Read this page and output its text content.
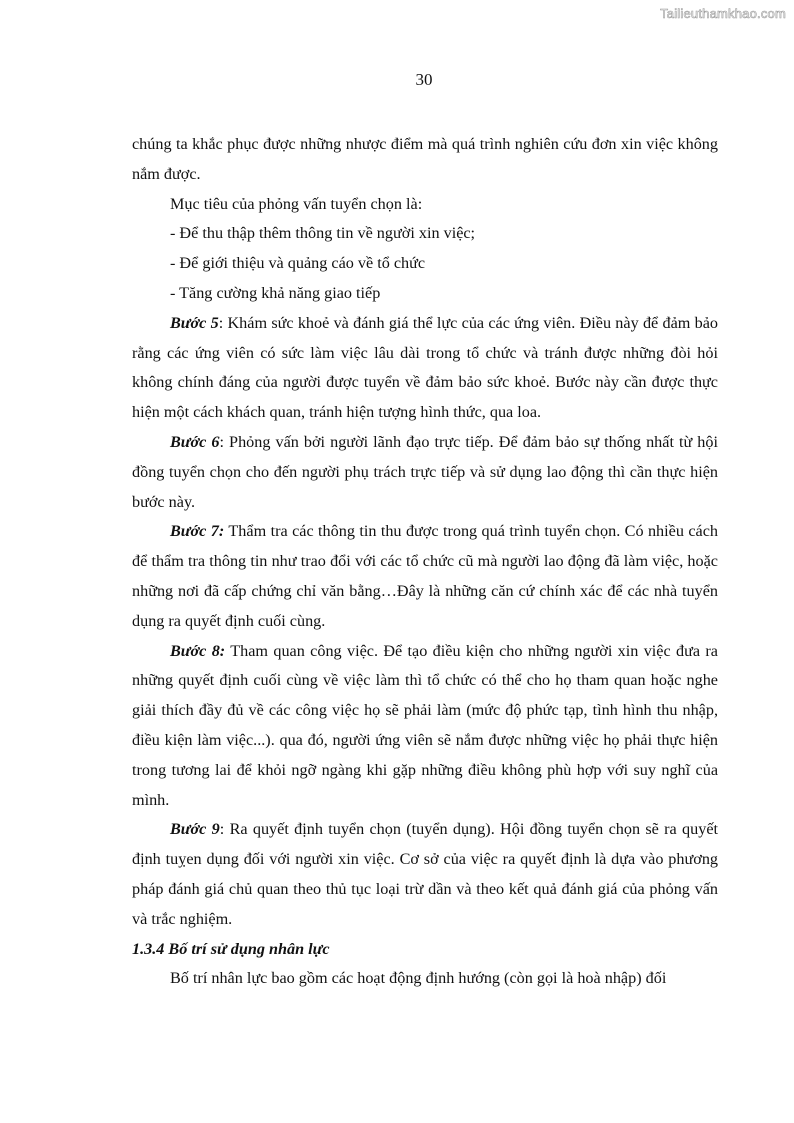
Tailieuthamkhao.com
30

chúng ta khắc phục được những nhược điểm mà quá trình nghiên cứu đơn xin việc không nắm được.

Mục tiêu của phỏng vấn tuyển chọn là:

- Để thu thập thêm thông tin về người xin việc;

- Để giới thiệu và quảng cáo về tổ chức

- Tăng cường khả năng giao tiếp

Bước 5: Khám sức khoẻ và đánh giá thể lực của các ứng viên. Điều này để đảm bảo rằng các ứng viên có sức làm việc lâu dài trong tổ chức và tránh được những đòi hỏi không chính đáng của người được tuyển về đảm bảo sức khoẻ. Bước này cần được thực hiện một cách khách quan, tránh hiện tượng hình thức, qua loa.

Bước 6: Phỏng vấn bởi người lãnh đạo trực tiếp. Để đảm bảo sự thống nhất từ hội đồng tuyển chọn cho đến người phụ trách trực tiếp và sử dụng lao động thì cần thực hiện bước này.

Bước 7: Thẩm tra các thông tin thu được trong quá trình tuyển chọn. Có nhiều cách để thẩm tra thông tin như trao đổi với các tổ chức cũ mà người lao động đã làm việc, hoặc những nơi đã cấp chứng chỉ văn bằng…Đây là những căn cứ chính xác để các nhà tuyển dụng ra quyết định cuối cùng.

Bước 8: Tham quan công việc. Để tạo điều kiện cho những người xin việc đưa ra những quyết định cuối cùng về việc làm thì tổ chức có thể cho họ tham quan hoặc nghe giải thích đầy đủ về các công việc họ sẽ phải làm (mức độ phức tạp, tình hình thu nhập, điều kiện làm việc...). qua đó, người ứng viên sẽ nắm được những việc họ phải thực hiện trong tương lai để khỏi ngỡ ngàng khi gặp những điều không phù hợp với suy nghĩ của mình.

Bước 9: Ra quyết định tuyển chọn (tuyển dụng). Hội đồng tuyển chọn sẽ ra quyết định tuỵen dụng đối với người xin việc. Cơ sở của việc ra quyết định là dựa vào phương pháp đánh giá chủ quan theo thủ tục loại trừ dần và theo kết quả đánh giá của phỏng vấn và trắc nghiệm.

1.3.4 Bố trí sử dụng nhân lực

Bố trí nhân lực bao gồm các hoạt động định hướng (còn gọi là hoà nhập) đối
